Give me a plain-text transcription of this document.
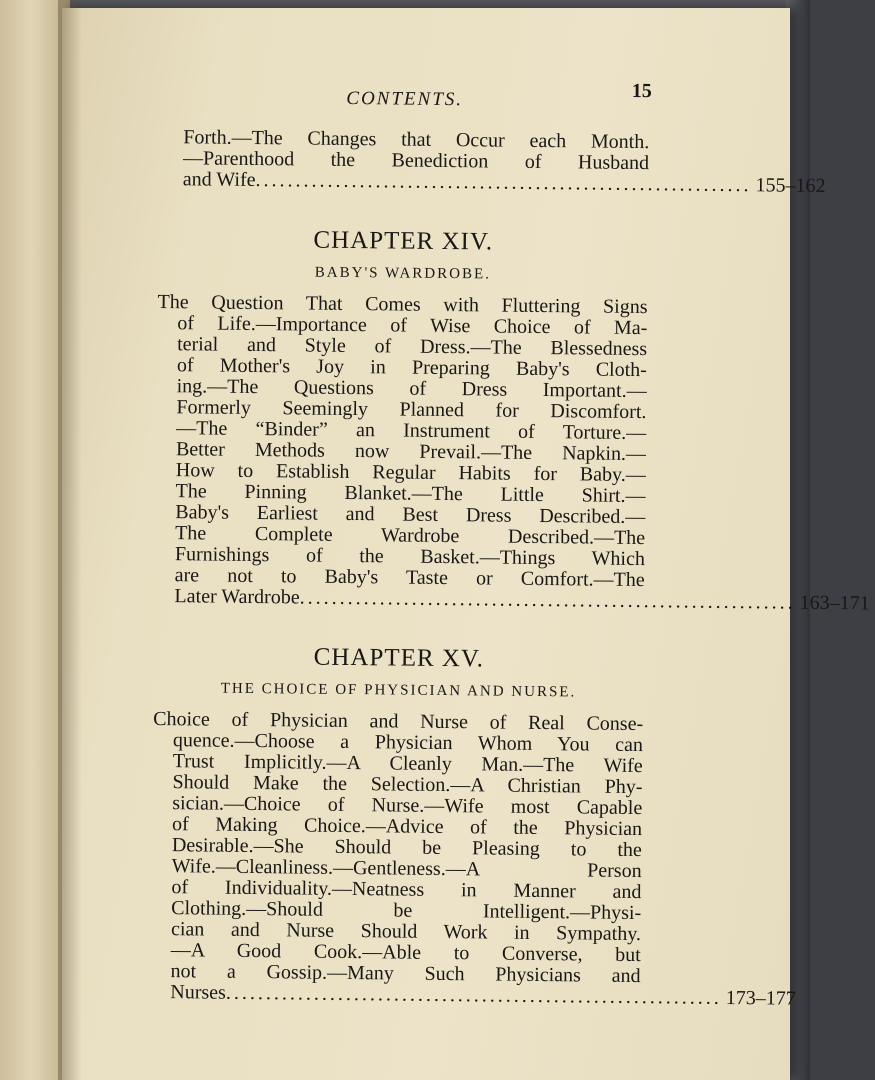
15
CONTENTS.
Forth.—The Changes that Occur each Month.
—Parenthood the Benediction of Husband
and Wife .............................................................. 155–162
CHAPTER XIV.
BABY'S WARDROBE.
The Question That Comes with Fluttering Signs
of Life.—Importance of Wise Choice of Ma-
terial and Style of Dress.—The Blessedness
of Mother's Joy in Preparing Baby's Cloth-
ing.—The Questions of Dress Important.—
Formerly Seemingly Planned for Discomfort.
—The “Binder” an Instrument of Torture.—
Better Methods now Prevail.—The Napkin.—
How to Establish Regular Habits for Baby.—
The Pinning Blanket.—The Little Shirt.—
Baby's Earliest and Best Dress Described.—
The Complete Wardrobe Described.—The
Furnishings of the Basket.—Things Which
are not to Baby's Taste or Comfort.—The
Later Wardrobe .............................................................. 163–171
CHAPTER XV.
THE CHOICE OF PHYSICIAN AND NURSE.
Choice of Physician and Nurse of Real Conse-
quence.—Choose a Physician Whom You can
Trust Implicitly.—A Cleanly Man.—The Wife
Should Make the Selection.—A Christian Phy-
sician.—Choice of Nurse.—Wife most Capable
of Making Choice.—Advice of the Physician
Desirable.—She Should be Pleasing to the
Wife.—Cleanliness.—Gentleness.—A Person
of Individuality.—Neatness in Manner and
Clothing.—Should be Intelligent.—Physi-
cian and Nurse Should Work in Sympathy.
—A Good Cook.—Able to Converse, but
not a Gossip.—Many Such Physicians and
Nurses .............................................................. 173–177
